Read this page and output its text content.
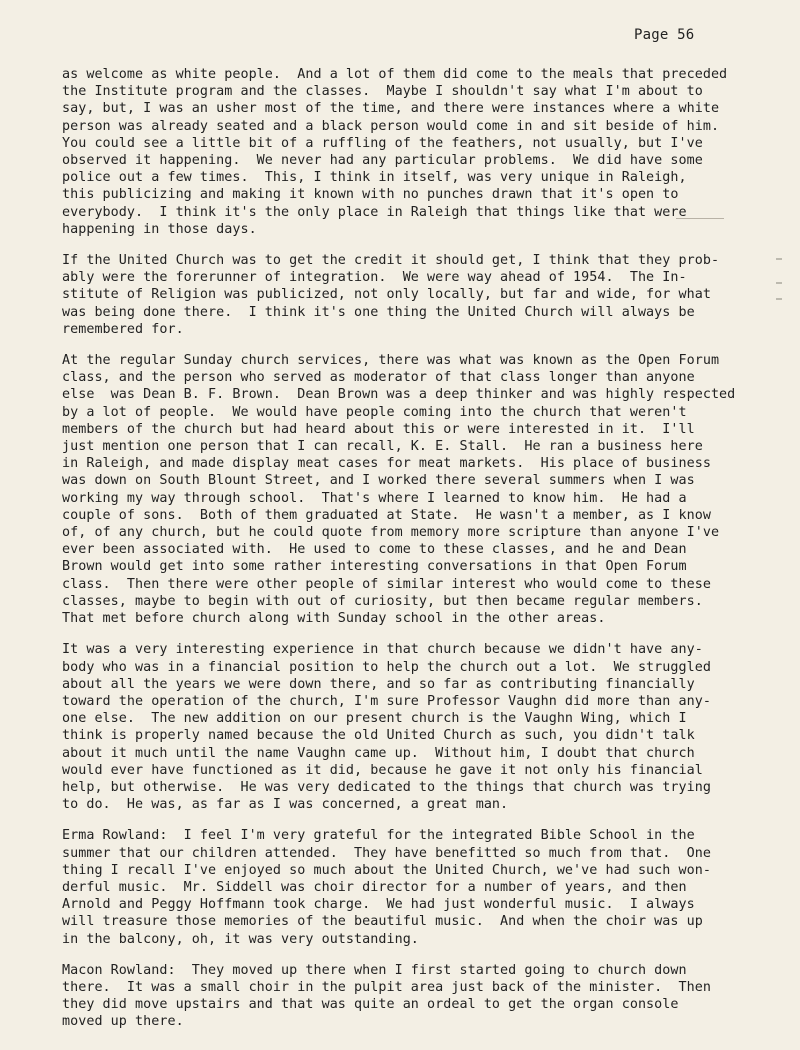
Page 56
as welcome as white people.  And a lot of them did come to the meals that preceded
the Institute program and the classes.  Maybe I shouldn't say what I'm about to
say, but, I was an usher most of the time, and there were instances where a white
person was already seated and a black person would come in and sit beside of him.
You could see a little bit of a ruffling of the feathers, not usually, but I've
observed it happening.  We never had any particular problems.  We did have some
police out a few times.  This, I think in itself, was very unique in Raleigh,
this publicizing and making it known with no punches drawn that it's open to
everybody.  I think it's the only place in Raleigh that things like that were
happening in those days.
If the United Church was to get the credit it should get, I think that they prob-
ably were the forerunner of integration.  We were way ahead of 1954.  The In-
stitute of Religion was publicized, not only locally, but far and wide, for what
was being done there.  I think it's one thing the United Church will always be
remembered for.
At the regular Sunday church services, there was what was known as the Open Forum
class, and the person who served as moderator of that class longer than anyone
else  was Dean B. F. Brown.  Dean Brown was a deep thinker and was highly respected
by a lot of people.  We would have people coming into the church that weren't
members of the church but had heard about this or were interested in it.  I'll
just mention one person that I can recall, K. E. Stall.  He ran a business here
in Raleigh, and made display meat cases for meat markets.  His place of business
was down on South Blount Street, and I worked there several summers when I was
working my way through school.  That's where I learned to know him.  He had a
couple of sons.  Both of them graduated at State.  He wasn't a member, as I know
of, of any church, but he could quote from memory more scripture than anyone I've
ever been associated with.  He used to come to these classes, and he and Dean
Brown would get into some rather interesting conversations in that Open Forum
class.  Then there were other people of similar interest who would come to these
classes, maybe to begin with out of curiosity, but then became regular members.
That met before church along with Sunday school in the other areas.
It was a very interesting experience in that church because we didn't have any-
body who was in a financial position to help the church out a lot.  We struggled
about all the years we were down there, and so far as contributing financially
toward the operation of the church, I'm sure Professor Vaughn did more than any-
one else.  The new addition on our present church is the Vaughn Wing, which I
think is properly named because the old United Church as such, you didn't talk
about it much until the name Vaughn came up.  Without him, I doubt that church
would ever have functioned as it did, because he gave it not only his financial
help, but otherwise.  He was very dedicated to the things that church was trying
to do.  He was, as far as I was concerned, a great man.
Erma Rowland:  I feel I'm very grateful for the integrated Bible School in the
summer that our children attended.  They have benefitted so much from that.  One
thing I recall I've enjoyed so much about the United Church, we've had such won-
derful music.  Mr. Siddell was choir director for a number of years, and then
Arnold and Peggy Hoffmann took charge.  We had just wonderful music.  I always
will treasure those memories of the beautiful music.  And when the choir was up
in the balcony, oh, it was very outstanding.
Macon Rowland:  They moved up there when I first started going to church down
there.  It was a small choir in the pulpit area just back of the minister.  Then
they did move upstairs and that was quite an ordeal to get the organ console
moved up there.
